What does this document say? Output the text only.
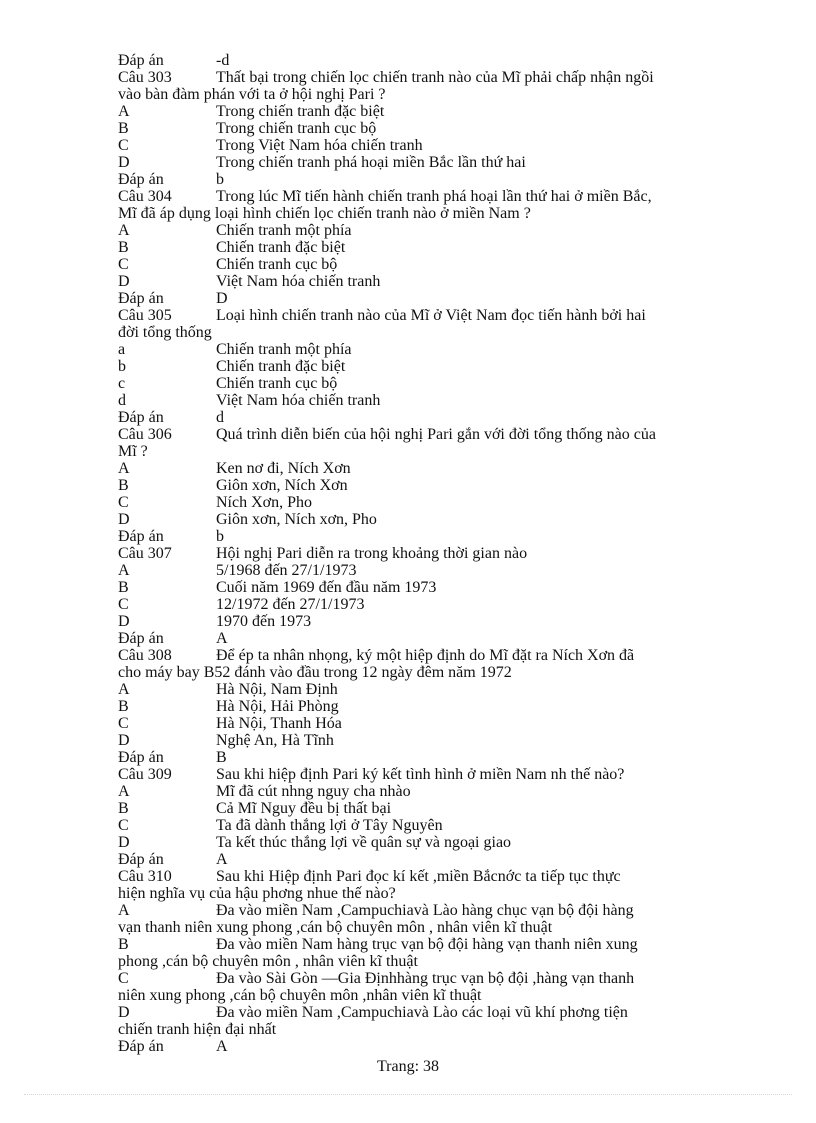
Đáp án	-d
Câu 303	Thất bại trong chiến lọc chiến tranh nào của Mĩ phải chấp nhận ngồi
vào bàn đàm phán với ta ở hội nghị Pari ?
A	Trong chiến tranh đặc biệt
B	Trong chiến tranh cục bộ
C	Trong Việt Nam hóa chiến tranh
D	Trong chiến tranh phá hoại miền Bắc lần thứ hai
Đáp án	b
Câu 304	Trong lúc Mĩ tiến hành chiến tranh phá hoại lần thứ hai ở miền Bắc,
Mĩ đã áp dụng loại hình chiến lọc chiến tranh nào ở miền Nam ?
A	Chiến tranh một phía
B	Chiến tranh đặc biệt
C	Chiến tranh cục bộ
D	Việt Nam hóa chiến tranh
Đáp án	D
Câu 305	Loại hình chiến tranh nào của Mĩ ở Việt Nam đọc tiến hành bởi hai
đời tổng thống
a	Chiến tranh một phía
b	Chiến tranh đặc biệt
c	Chiến tranh cục bộ
d	Việt Nam hóa chiến tranh
Đáp án	d
Câu 306	Quá trình diễn biến của hội nghị Pari gắn với đời tổng thống nào của
Mĩ ?
A	Ken nơ đi, Ních Xơn
B	Giôn xơn, Ních Xơn
C	Ních Xơn, Pho
D	Giôn xơn, Ních xơn, Pho
Đáp án	b
Câu 307	Hội nghị Pari diễn ra trong khoảng thời gian nào
A	5/1968 đến 27/1/1973
B	Cuối năm 1969 đến đầu năm 1973
C	12/1972 đến 27/1/1973
D	1970 đến 1973
Đáp án	A
Câu 308	Để ép ta nhân nhọng, ký một hiệp định do Mĩ đặt ra Ních Xơn đã
cho máy bay B52 đánh vào đầu trong 12 ngày đêm năm 1972
A	Hà Nội, Nam Định
B	Hà Nội, Hải Phòng
C	Hà Nội, Thanh Hóa
D	Nghệ An, Hà Tĩnh
Đáp án	B
Câu 309	Sau khi hiệp định Pari ký kết tình hình ở miền Nam nh thế nào?
A	Mĩ đã cút nhng nguy cha nhào
B	Cả Mĩ Nguy đều bị thất bại
C	Ta đã dành thắng lợi ở Tây Nguyên
D	Ta kết thúc thắng lợi về quân sự và ngoại giao
Đáp án	A
Câu 310	Sau khi Hiệp định Pari đọc kí kết ,miền Bắcnớc ta tiếp tục thực
hiện nghĩa vụ của hậu phơng nhue thế nào?
A	Đa vào miền Nam ,Campuchiavà Lào hàng chục vạn bộ đội hàng
vạn thanh niên xung phong ,cán bộ chuyên môn , nhân viên kĩ thuật
B	Đa vào miền Nam hàng trục vạn bộ đội hàng vạn thanh niên xung
phong ,cán bộ chuyên môn , nhân viên kĩ thuật
C	Đa vào Sài Gòn —Gia Địnhhàng trục vạn bộ đội ,hàng vạn thanh
niên xung phong ,cán bộ chuyên môn ,nhân viên kĩ thuật
D	Đa vào miền Nam ,Campuchiavà Lào các loại vũ khí phơng tiện
chiến tranh hiện đại nhất
Đáp án	A
Trang: 38
